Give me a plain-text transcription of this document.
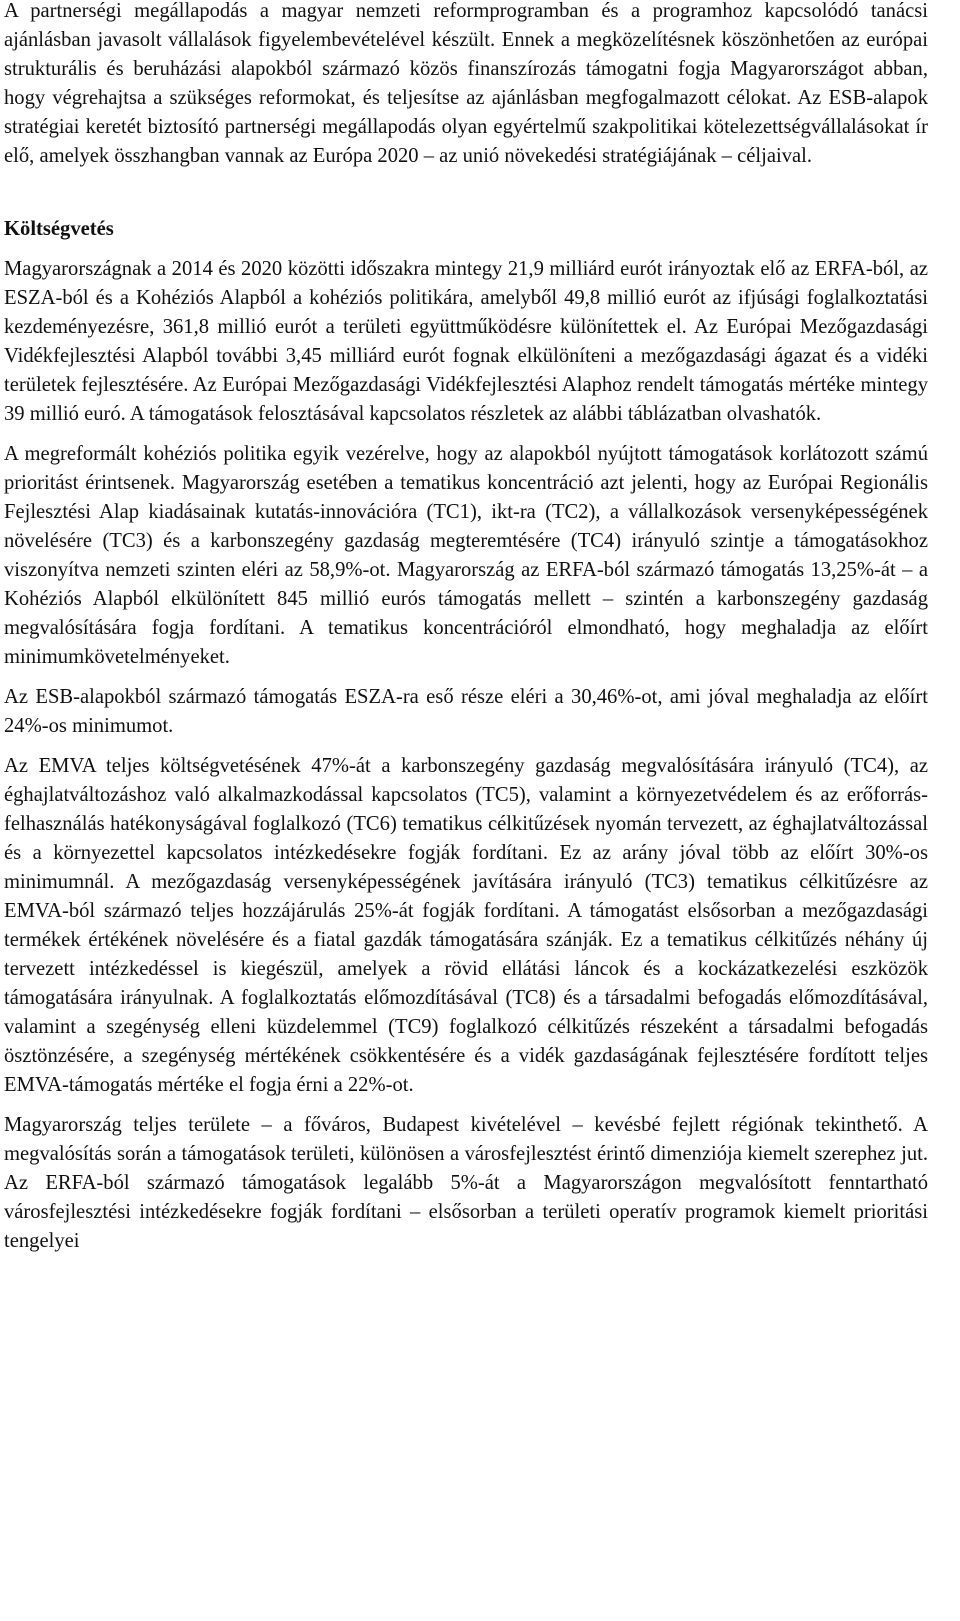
A partnerségi megállapodás a magyar nemzeti reformprogramban és a programhoz kapcsolódó tanácsi ajánlásban javasolt vállalások figyelembevételével készült. Ennek a megközelítésnek köszönhetően az európai strukturális és beruházási alapokból származó közös finanszírozás támogatni fogja Magyarországot abban, hogy végrehajtsa a szükséges reformokat, és teljesítse az ajánlásban megfogalmazott célokat. Az ESB-alapok stratégiai keretét biztosító partnerségi megállapodás olyan egyértelmű szakpolitikai kötelezettségvállalásokat ír elő, amelyek összhangban vannak az Európa 2020 – az unió növekedési stratégiájának – céljaival.

Költségvetés

Magyarországnak a 2014 és 2020 közötti időszakra mintegy 21,9 milliárd eurót irányoztak elő az ERFA-ból, az ESZA-ból és a Kohéziós Alapból a kohéziós politikára, amelyből 49,8 millió eurót az ifjúsági foglalkoztatási kezdeményezésre, 361,8 millió eurót a területi együttműködésre különítettek el. Az Európai Mezőgazdasági Vidékfejlesztési Alapból további 3,45 milliárd eurót fognak elkülöníteni a mezőgazdasági ágazat és a vidéki területek fejlesztésére. Az Európai Mezőgazdasági Vidékfejlesztési Alaphoz rendelt támogatás mértéke mintegy 39 millió euró. A támogatások felosztásával kapcsolatos részletek az alábbi táblázatban olvashatók.

A megreformált kohéziós politika egyik vezérelve, hogy az alapokból nyújtott támogatások korlátozott számú prioritást érintsenek. Magyarország esetében a tematikus koncentráció azt jelenti, hogy az Európai Regionális Fejlesztési Alap kiadásainak kutatás-innovációra (TC1), ikt-ra (TC2), a vállalkozások versenyképességének növelésére (TC3) és a karbonszegény gazdaság megteremtésére (TC4) irányuló szintje a támogatásokhoz viszonyítva nemzeti szinten eléri az 58,9%-ot. Magyarország az ERFA-ból származó támogatás 13,25%-át – a Kohéziós Alapból elkülönített 845 millió eurós támogatás mellett – szintén a karbonszegény gazdaság megvalósítására fogja fordítani. A tematikus koncentrációról elmondható, hogy meghaladja az előírt minimumkövetelményeket.

Az ESB-alapokból származó támogatás ESZA-ra eső része eléri a 30,46%-ot, ami jóval meghaladja az előírt 24%-os minimumot.

Az EMVA teljes költségvetésének 47%-át a karbonszegény gazdaság megvalósítására irányuló (TC4), az éghajlatváltozáshoz való alkalmazkodással kapcsolatos (TC5), valamint a környezetvédelem és az erőforrás-felhasználás hatékonyságával foglalkozó (TC6) tematikus célkitűzések nyomán tervezett, az éghajlatváltozással és a környezettel kapcsolatos intézkedésekre fogják fordítani. Ez az arány jóval több az előírt 30%-os minimumnál. A mezőgazdaság versenyképességének javítására irányuló (TC3) tematikus célkitűzésre az EMVA-ból származó teljes hozzájárulás 25%-át fogják fordítani. A támogatást elsősorban a mezőgazdasági termékek értékének növelésére és a fiatal gazdák támogatására szánják. Ez a tematikus célkitűzés néhány új tervezett intézkedéssel is kiegészül, amelyek a rövid ellátási láncok és a kockázatkezelési eszközök támogatására irányulnak. A foglalkoztatás előmozdításával (TC8) és a társadalmi befogadás előmozdításával, valamint a szegénység elleni küzdelemmel (TC9) foglalkozó célkitűzés részeként a társadalmi befogadás ösztönzésére, a szegénység mértékének csökkentésére és a vidék gazdaságának fejlesztésére fordított teljes EMVA-támogatás mértéke el fogja érni a 22%-ot.

Magyarország teljes területe – a főváros, Budapest kivételével – kevésbé fejlett régiónak tekinthető. A megvalósítás során a támogatások területi, különösen a városfejlesztést érintő dimenziója kiemelt szerephez jut. Az ERFA-ból származó támogatások legalább 5%-át a Magyarországon megvalósított fenntartható városfejlesztési intézkedésekre fogják fordítani – elsősorban a területi operatív programok kiemelt prioritási tengelyei
